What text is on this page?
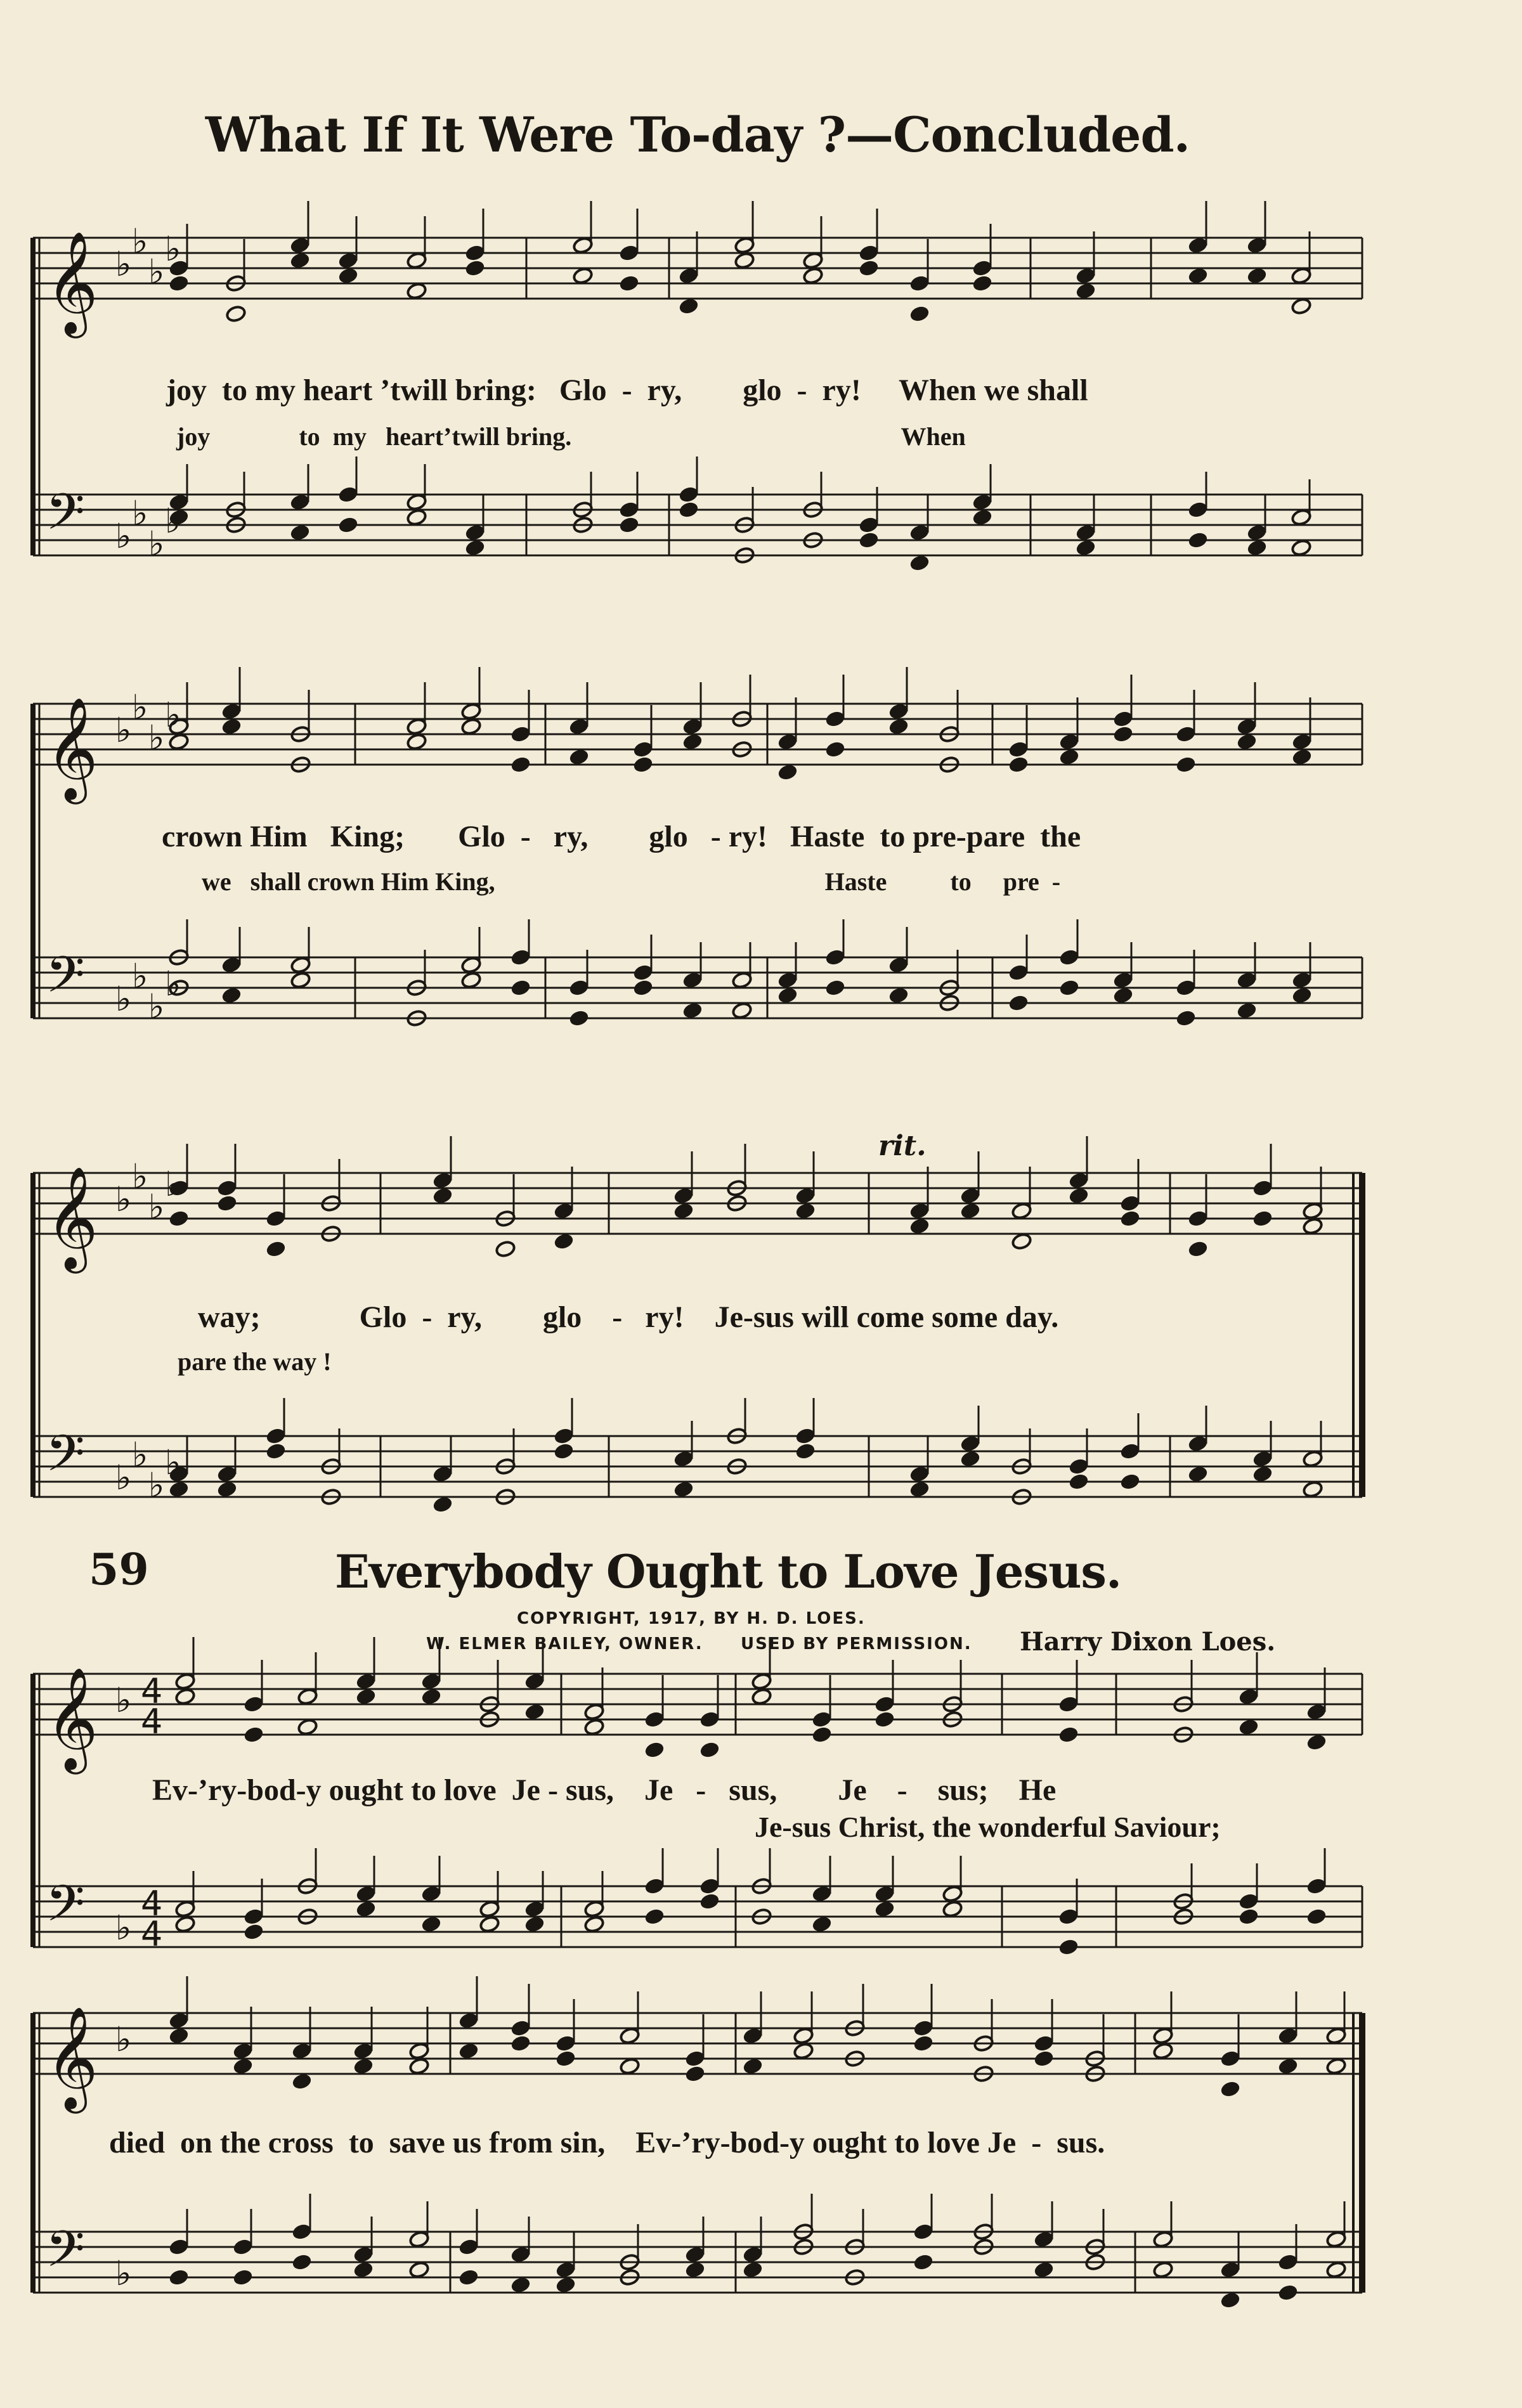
What If It Were To-day ?—Concluded.
𝄞
𝄢
♭
♭
♭
♭
♭
♭
♭
♭
𝄞
𝄢
♭
♭
♭
♭
♭
♭
♭
♭
𝄞
𝄢
♭
♭
♭
♭
♭
♭
♭
♭
𝄞
𝄢
♭
♭
4
4
4
4
𝄞
𝄢
♭
♭
joy  to my heart ’twill bring:   Glo  -  ry,        glo  -  ry!     When we shall
joy              to  my   heart’twill bring.                                                    When
crown Him   King;       Glo  -   ry,        glo   - ry!   Haste  to pre-pare  the
we   shall crown Him King,                                                    Haste          to     pre  -
rit.
way;             Glo  -  ry,        glo    -   ry!    Je-sus will come some day.
pare the way !
59	Everybody Ought to Love Jesus.
COPYRIGHT, 1917, BY H. D. LOES.
W. ELMER BAILEY, OWNER. USED BY PERMISSION. Harry Dixon Loes.
Ev-’ry-bod-y ought to love  Je - sus,    Je   -   sus,        Je    -    sus;    He
Je-sus Christ, the wonderful Saviour;
died  on the cross  to  save us from sin,    Ev-’ry-bod-y ought to love Je  -  sus.
